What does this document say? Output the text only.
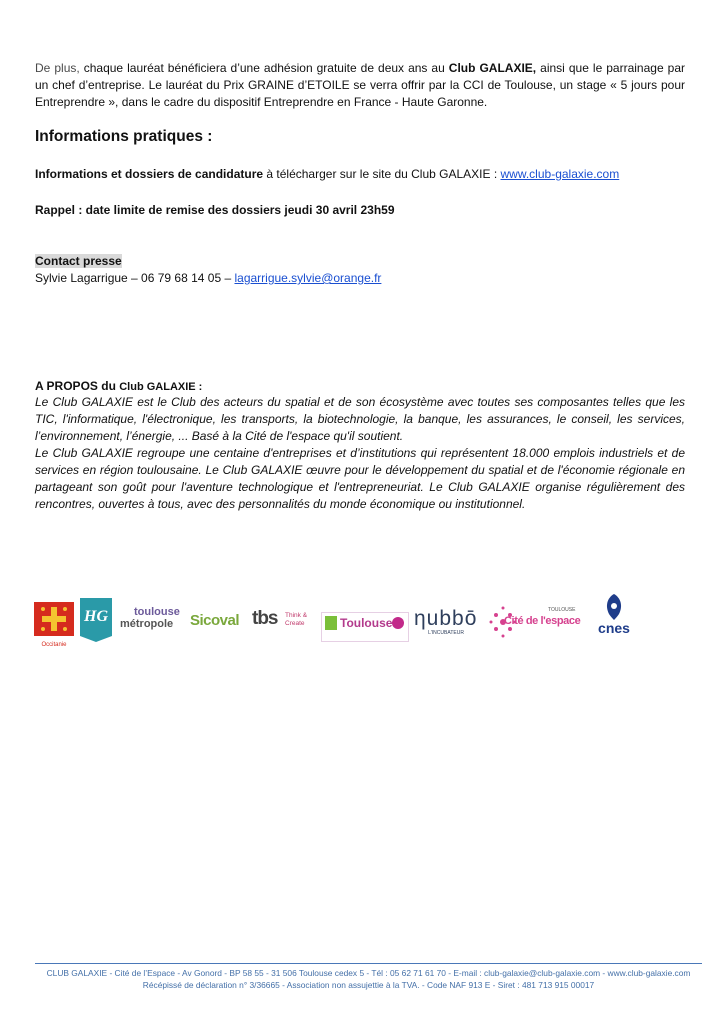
De plus, chaque lauréat bénéficiera d’une adhésion gratuite de deux ans au Club GALAXIE, ainsi que le parrainage par un chef d’entreprise. Le lauréat du Prix GRAINE d’ETOILE se verra offrir par la CCI de Toulouse, un stage « 5 jours pour Entreprendre », dans le cadre du dispositif Entreprendre en France - Haute Garonne.
Informations pratiques :
Informations et dossiers de candidature à télécharger sur le site du Club GALAXIE : www.club-galaxie.com
Rappel : date limite de remise des dossiers jeudi 30 avril 23h59
Contact presse
Sylvie Lagarrigue – 06 79 68 14 05 – lagarrigue.sylvie@orange.fr
A PROPOS du Club GALAXIE :
Le Club GALAXIE est le Club des acteurs du spatial et de son écosystème avec toutes ses composantes telles que les TIC, l'informatique, l'électronique, les transports, la biotechnologie, la banque, les assurances, le conseil, les services, l’environnement, l’énergie, ... Basé à la Cité de l'espace qu'il soutient.
Le Club GALAXIE regroupe une centaine d'entreprises et d’institutions qui représentent 18.000 emplois industriels et de services en région toulousaine. Le Club GALAXIE œuvre pour le développement du spatial et de l'économie régionale en partageant son goût pour l'aventure technologique et l'entrepreneuriat. Le Club GALAXIE organise régulièrement des rencontres, ouvertes à tous, avec des personnalités du monde économique ou institutionnel.
Occitanie
HG	toulouse
métropole	Sicoval tbs Think & Create	Toulouse ηubbō
L'INCUBATEUR
TOULOUSE
Cité de l'espace	cnes
CLUB GALAXIE - Cité de l’Espace - Av Gonord - BP 58 55 - 31 506 Toulouse cedex 5 - Tél : 05 62 71 61 70 - E-mail : club-galaxie@club-galaxie.com - www.club-galaxie.com
Récépissé de déclaration n° 3/36665 - Association non assujettie à la TVA. - Code NAF 913 E - Siret : 481 713 915 00017
